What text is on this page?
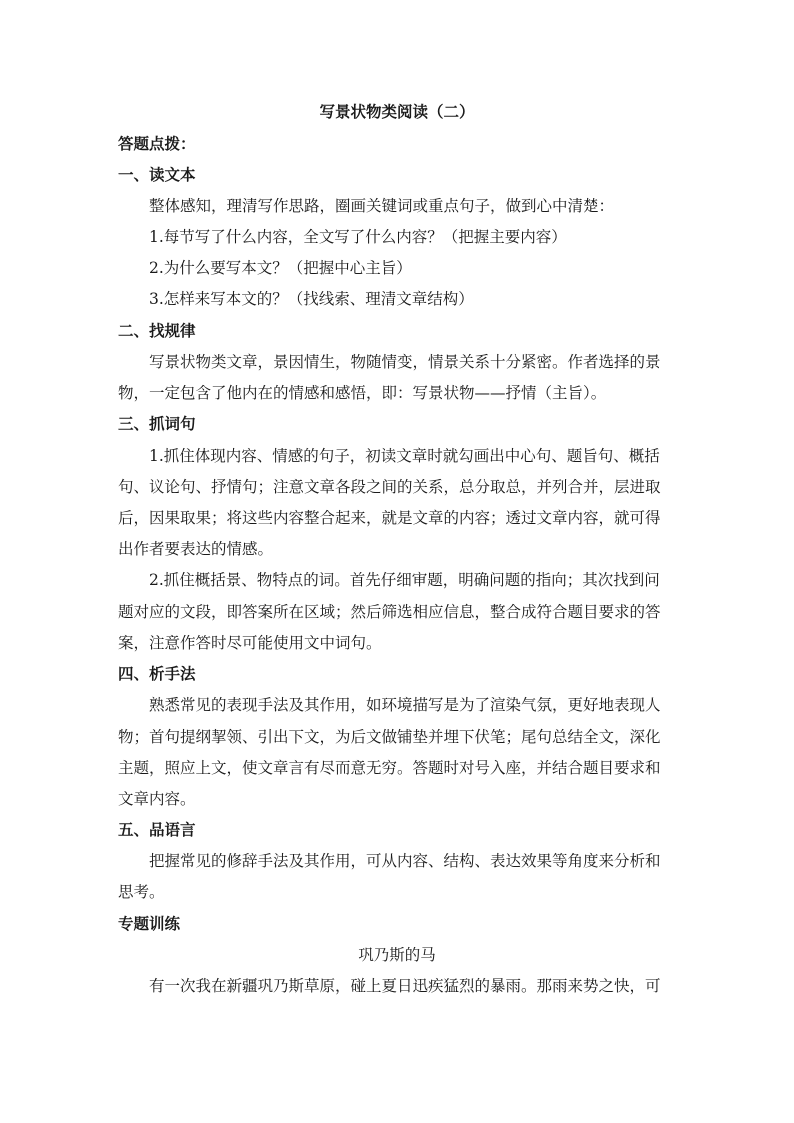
写景状物类阅读（二）
答题点拨：
一、读文本
整体感知，理清写作思路，圈画关键词或重点句子，做到心中清楚：
1.每节写了什么内容，全文写了什么内容？（把握主要内容）
2.为什么要写本文？（把握中心主旨）
3.怎样来写本文的？（找线索、理清文章结构）
二、找规律
写景状物类文章，景因情生，物随情变，情景关系十分紧密。作者选择的景
物，一定包含了他内在的情感和感悟，即：写景状物——抒情（主旨）。
三、抓词句
1.抓住体现内容、情感的句子，初读文章时就勾画出中心句、题旨句、概括
句、议论句、抒情句；注意文章各段之间的关系，总分取总，并列合并，层进取
后，因果取果；将这些内容整合起来，就是文章的内容；透过文章内容，就可得
出作者要表达的情感。
2.抓住概括景、物特点的词。首先仔细审题，明确问题的指向；其次找到问
题对应的文段，即答案所在区域；然后筛选相应信息，整合成符合题目要求的答
案，注意作答时尽可能使用文中词句。
四、析手法
熟悉常见的表现手法及其作用，如环境描写是为了渲染气氛，更好地表现人
物；首句提纲挈领、引出下文，为后文做铺垫并埋下伏笔；尾句总结全文，深化
主题，照应上文，使文章言有尽而意无穷。答题时对号入座，并结合题目要求和
文章内容。
五、品语言
把握常见的修辞手法及其作用，可从内容、结构、表达效果等角度来分析和
思考。
专题训练
巩乃斯的马
有一次我在新疆巩乃斯草原，碰上夏日迅疾猛烈的暴雨。那雨来势之快，可
